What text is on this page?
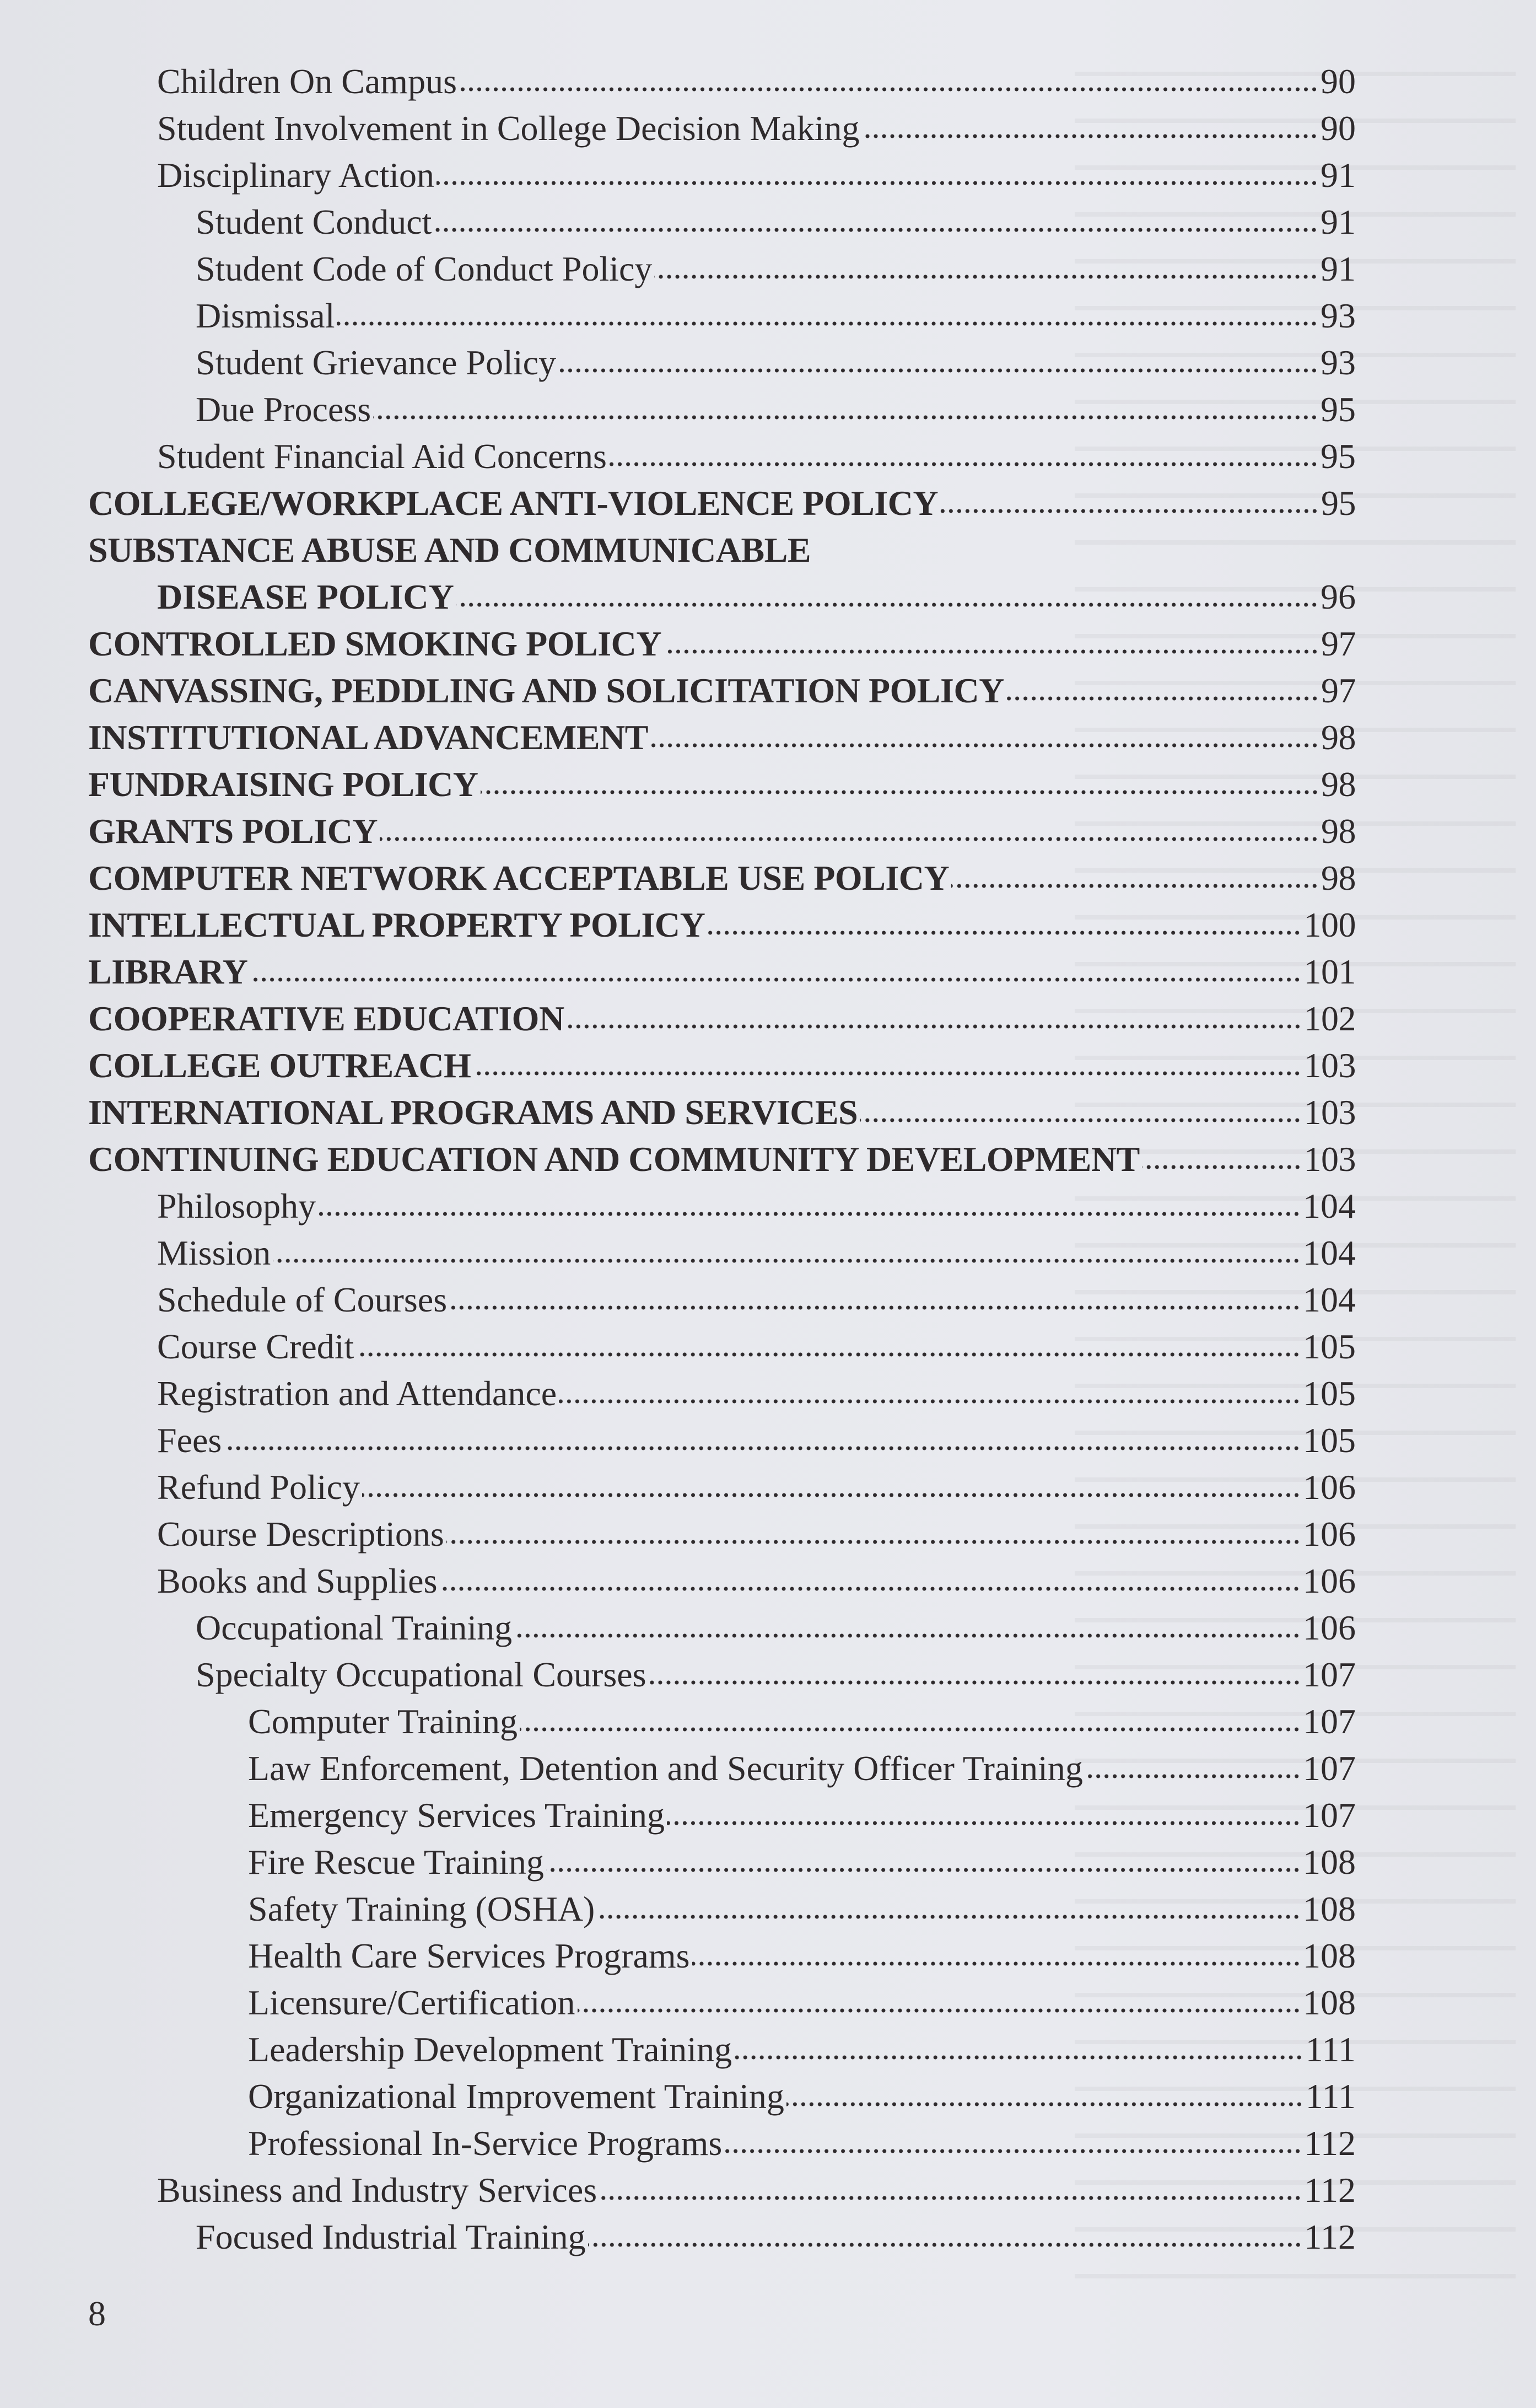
Children On Campus	90
Student Involvement in College Decision Making	90
Disciplinary Action	91
Student Conduct	91
Student Code of Conduct Policy	91
Dismissal	93
Student Grievance Policy	93
Due Process	95
Student Financial Aid Concerns	95
COLLEGE/WORKPLACE ANTI-VIOLENCE POLICY	95
SUBSTANCE ABUSE AND COMMUNICABLE
DISEASE POLICY	96
CONTROLLED SMOKING POLICY	97
CANVASSING, PEDDLING AND SOLICITATION POLICY	97
INSTITUTIONAL ADVANCEMENT	98
FUNDRAISING POLICY	98
GRANTS POLICY	98
COMPUTER NETWORK ACCEPTABLE USE POLICY	98
INTELLECTUAL PROPERTY POLICY	100
LIBRARY	101
COOPERATIVE EDUCATION	102
COLLEGE OUTREACH	103
INTERNATIONAL PROGRAMS AND SERVICES	103
CONTINUING EDUCATION AND COMMUNITY DEVELOPMENT	103
Philosophy	104
Mission	104
Schedule of Courses	104
Course Credit	105
Registration and Attendance	105
Fees	105
Refund Policy	106
Course Descriptions	106
Books and Supplies	106
Occupational Training	106
Specialty Occupational Courses	107
Computer Training	107
Law Enforcement, Detention and Security Officer Training	107
Emergency Services Training	107
Fire Rescue Training	108
Safety Training (OSHA)	108
Health Care Services Programs	108
Licensure/Certification	108
Leadership Development Training	111
Organizational Improvement Training	111
Professional In-Service Programs	112
Business and Industry Services	112
Focused Industrial Training	112
8
